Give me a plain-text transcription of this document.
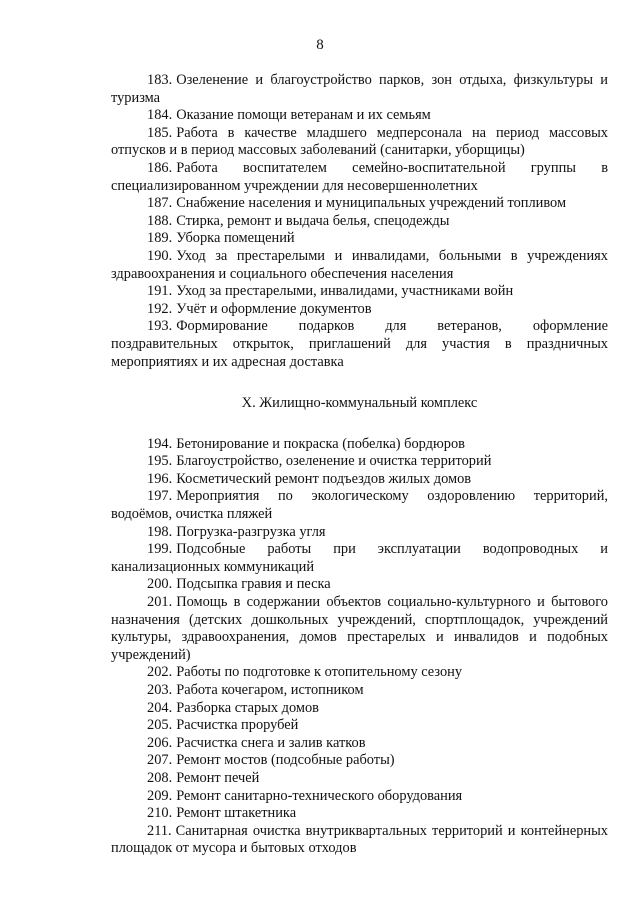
8

183. Озеленение и благоустройство парков, зон отдыха, физкультуры и туризма

184. Оказание помощи ветеранам и их семьям

185. Работа в качестве младшего медперсонала на период массовых отпусков и в период массовых заболеваний (санитарки, уборщицы)

186. Работа воспитателем семейно-воспитательной группы в специализированном учреждении для несовершеннолетних

187. Снабжение населения и муниципальных учреждений топливом

188. Стирка, ремонт и выдача белья, спецодежды

189. Уборка помещений

190. Уход за престарелыми и инвалидами, больными в учреждениях здравоохранения и социального обеспечения населения

191. Уход за престарелыми, инвалидами, участниками войн

192. Учёт и оформление документов

193. Формирование подарков для ветеранов, оформление поздравительных открыток, приглашений для участия в праздничных мероприятиях и их адресная доставка

X. Жилищно-коммунальный комплекс

194. Бетонирование и покраска (побелка) бордюров

195. Благоустройство, озеленение и очистка территорий

196. Косметический ремонт подъездов жилых домов

197. Мероприятия по экологическому оздоровлению территорий, водоёмов, очистка пляжей

198. Погрузка-разгрузка угля

199. Подсобные работы при эксплуатации водопроводных и канализационных коммуникаций

200. Подсыпка гравия и песка

201. Помощь в содержании объектов социально-культурного и бытового назначения (детских дошкольных учреждений, спортплощадок, учреждений культуры, здравоохранения, домов престарелых и инвалидов и подобных учреждений)

202. Работы по подготовке к отопительному сезону

203. Работа кочегаром, истопником

204. Разборка старых домов

205. Расчистка прорубей

206. Расчистка снега и залив катков

207. Ремонт мостов (подсобные работы)

208. Ремонт печей

209. Ремонт санитарно-технического оборудования

210. Ремонт штакетника

211. Санитарная очистка внутриквартальных территорий и контейнерных площадок от мусора и бытовых отходов
